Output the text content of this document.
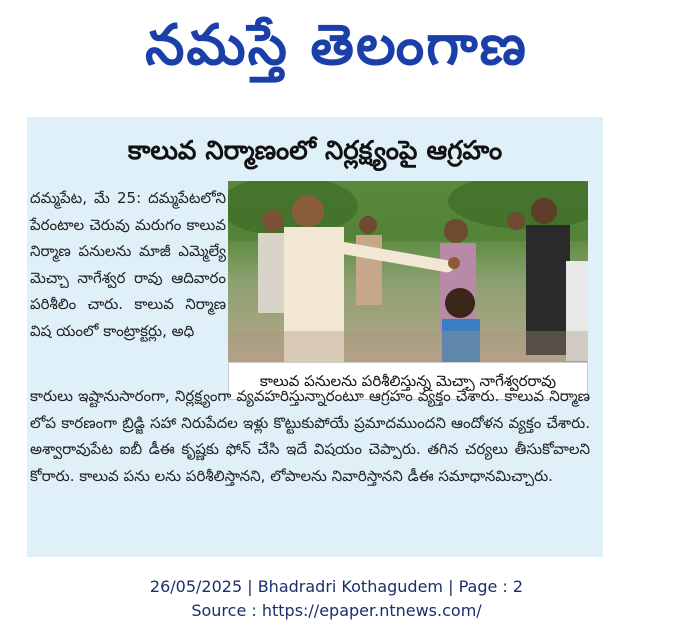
నమస్తే తెలంగాణ
కాలువ నిర్మాణంలో నిర్లక్ష్యంపై ఆగ్రహం
దమ్మపేట, మే 25: దమ్మపేటలోని పేరంటాల చెరువు మరుగం కాలువ నిర్మాణ పనులను మాజీ ఎమ్మెల్యే మెచ్చా నాగేశ్వర రావు ఆదివారం పరిశీలిం చారు. కాలువ నిర్మాణ విష యంలో కాంట్రాక్టర్లు, అధి
కాలువ పనులను పరిశీలిస్తున్న మెచ్చా నాగేశ్వరరావు
కారులు ఇష్టానుసారంగా, నిర్లక్ష్యంగా వ్యవహరిస్తున్నారంటూ ఆగ్రహం వ్యక్తం చేశారు. కాలువ నిర్మాణ లోప కారణంగా బ్రిడ్జి సహా నిరుపేదల ఇళ్లు కొట్టుకుపోయే ప్రమాదముందని ఆందోళన వ్యక్తం చేశారు. అశ్వారావుపేట ఐబీ డీఈ కృష్ణకు ఫోన్ చేసి ఇదే విషయం చెప్పారు. తగిన చర్యలు తీసుకోవాలని కోరారు. కాలువ పను లను పరిశీలిస్తానని, లోపాలను నివారిస్తానని డీఈ సమాధానమిచ్చారు.
26/05/2025 | Bhadradri Kothagudem | Page : 2
Source : https://epaper.ntnews.com/
